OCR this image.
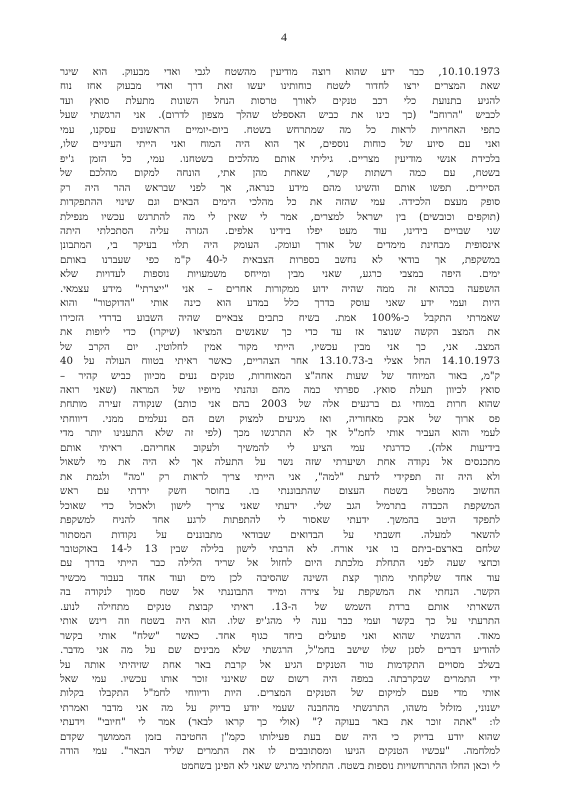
4
10.10.1973, כבר ידע שהוא רוצה מודיעין מהשטח לגבי ואדי מבעוק. הוא שיגר
שאת המצרים ירצו לחדור לשטח כוחותינו יעשו זאת דרך ואדי מבעוק אחז נוח
להגיע בתנועת כלי רכב טנקים לאורך טרסות הנחל השונות מתעלת סואץ ועד
לכביש "הרוחב" (כך כינו את כביש האספלט שהלך מצפון לדרום). אני הרגשתי שעל
כתפי האחריות לראות כל מה שמתרחש בשטח. ביום-יומיים הראשונים עסקנו, עמי
ואני עם סיוע של כוחות נוספים, אך הוא היה המוח ואני הייתי העיניים שלו,
בלכידת אנשי מודיעין מצריים. גיליתי אותם מהלכים בשטחנו. עמי, כל הזמן ג'יפ
בשטח, עם כמה רשתות קשר, שאחת מהן אתי, הונחה למקום מהלכם של
הסיירים. תפשו אותם והשיגו מהם מידע כנראה, אך לפני שבראש ההר היה רק
סופק מעצם הלכידה. עמי שהזה את כל מהלכי הימים הבאים וגם שינוי ההתפקדות
(תוקפים וכובשים) בין ישראל למצרים, אמר לי שאין לי מה להתרגש עכשיו מנפילת
שני שבויים בידינו, עוד מעט יפלו בידינו אלפים. הגזרה עליה הסתכלתי היתה
אינסופית מבחינת מימדים של אורך ועומק. העומק היה תלוי בעיקר בי, המתבונן
במשקפת, אך בודאי לא נחשב בספרות הצבאית ל-40 ק"מ כפי שעברנו באותם
ימים. היפה במצבי כרגע, שאני מבין ומייחס משמעויות נוספות לעדויות שלא
הושפעה בכהוא זה ממה שהיה ידוע ממקורות אחרים – אני "ייצרתי" מידע עצמאי.
היות ועמי ידע שאני עוסק בדרך כלל במדע הוא כינה אותי "הדוקטור" והוא
שאמרתי התקבל כ-100% אמת. בשיח כתבים צבאיים שהיה השבוע בדרדי הזכירו
את המצב הקשה שנוצר אז עד כדי כך שאנשים המציאו (שיקרו) כדי ליופות את
המצב. אני, כך אני מבין עכשיו, הייתי מקור אמין לחלוטין. יום הקרב של
14.10.1973 החל אצלי ב-13.10.73 אחר הצהריים, כאשר ראיתי בטווח העולה על 40
ק"מ, באור המיוחד של שעות אחה"צ המאוחרות, טנקים נעים מכיוון כביש קהיר –
סואץ לכיוון תעלת סואץ. ספרתי כמה מהם ונהנתי מיופיו של המראה (שאני רואה
שהוא חרות במוחי גם ברגעים אלה של 2003 בהם אני כותב) שנקודה זעירה מותחת
פס ארוך של אבק מאחוריה, ואז מגיעים למצוק ושם הם נעלמים ממני. דיווחתי
לעמי והוא העביר אותי לחמ"ל אך לא התרגשו מכך (לפי זה שלא התענינו יותר מדי
בידיעות אלה). כדרגתי עמי הציע לי להמשיך ולעקוב אחריהם. ראיתי אותם
מתכנסים אל נקודה אחת ושיערתי שזה נשר על התעלה אך לא היה את מי לשאול
ולא היה זה תפקידי לדעת "למה", אני הייתי צריך לראות רק "מה" ולגמת את
החשוב מהטפל בשטח העצום שהתבוננתי בו. בחוסר חשק ירדתי עם ראש
המשקפת הכבדה בתרמיל הגב שלי. ידעתי שאני צריך לישון ולאכול כדי שאוכל
לתפקד היטב בהמשך. ידעתי שאסור לי להתפתות לרגע אחד להניח למשקפת
להשאר למעלה. חשבתי על הבדואים שבודאי מתבוננים על נקודות המסתור
שלחם בארצם-ביתם בו אני אורח. לא הרבתי לישון בלילה שבין 13 ל-14 באוקטובר
וכחצי שעה לפני התחלת מלכתת היום לחזול אל שריד הלילה כבר הייתי בדרך עם
עוד אחד שלקחתי מתוך קצת השינה שהסיבה לכן מים ועוד אחד בעבור מכשיר
הקשר. הנחתי את המשקפת על צירה ומייד התבוננתי אל שטח סמוך לנקודה בה
השארתי אותם ברדת השמש של ה-13. ראיתי קבוצת טנקים מתחילה לנוע.
התרעתי על כך בקשר ועמי כבר ענה לי מהג'יפ שלו. הוא היה בשטח וזה רינש אותי
מאוד. הרגשתי שהוא ואני פועלים ביחד כגוף אחד. כאשר "שלח" אותי בקשר
להודיע דברים לסגן שלו שישב בחמ"ל, הרגשתי שלא מבינים שם על מה אני מדבר.
בשלב מסויים התקדמות טור הטנקים הגיע אל קרבת באר אחת שזיהיתי אותה על
ידי התמרים שבקרבתה. במפה היה רשום שם שאינני זוכר אותו עכשיו. עמי שאל
אותי מדי פעם למיקום של הטנקים המצרים. היות ודיווחי לחמ"ל התקבלו בקלות
ישנוני, מזלזל משהו, התרגשתי מהחבנה שעמי יודע בדיוק על מה אני מדבר ואמרתי
לו: "אתה זוכר את באר בעוקה ?" (אולי כך קראו לבאר) אמר לי "חיובי" וידעתי
שהוא יודע בדיוק כי היה שם בעת פעילותו כקמ"ן החטיבה בזמן הממושך שקדם
למלחמה. "עכשיו הטנקים הגיעו ומסתובבים לו את התמרים שליד הבאר". עמי הודה
לי וכאן החלו ההתרחשויות נוספות בשטח. התחלתי מרגיש שאני לא הפינן בשחמט
